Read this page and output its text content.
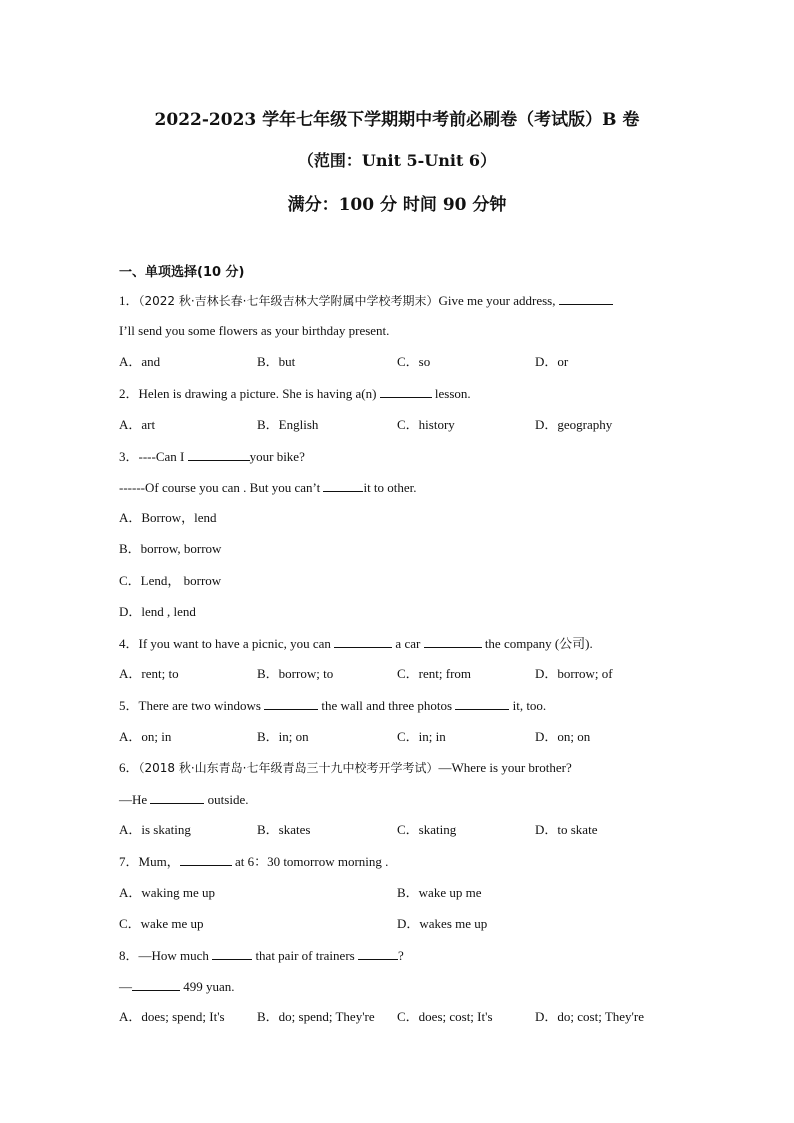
2022-2023 学年七年级下学期期中考前必刷卷（考试版）B 卷
（范围：Unit 5-Unit 6）
满分：100 分 时间 90 分钟
一、单项选择(10 分)
1．（2022 秋·吉林长春·七年级吉林大学附属中学校考期末）Give me your address,
I’ll send you some flowers as your birthday present.
A．and	B．but	C．so	D．or
2．Helen is drawing a picture. She is having a(n)	lesson.
A．art	B．English	C．history	D．geography
3．----Can I	your bike?
------Of course you can . But you can’t	it to other.
A．Borrow，lend
B．borrow, borrow
C．Lend， borrow
D．lend , lend
4．If you want to have a picnic, you can	a car	the company (公司).
A．rent; to	B．borrow; to	C．rent; from	D．borrow; of
5．There are two windows	the wall and three photos	it, too.
A．on; in	B．in; on	C．in; in	D．on; on
6．（2018 秋·山东青岛·七年级青岛三十九中校考开学考试）—Where is your brother?
—He	outside.
A．is skating	B．skates	C．skating	D．to skate
7．Mum，	at 6：30 tomorrow morning .
A．waking me up	B．wake up me
C．wake me up	D．wakes me up
8．—How much	that pair of trainers	?
—	499 yuan.
A．does; spend; It's B．do; spend; They're C．does; cost; It's	D．do; cost; They're
